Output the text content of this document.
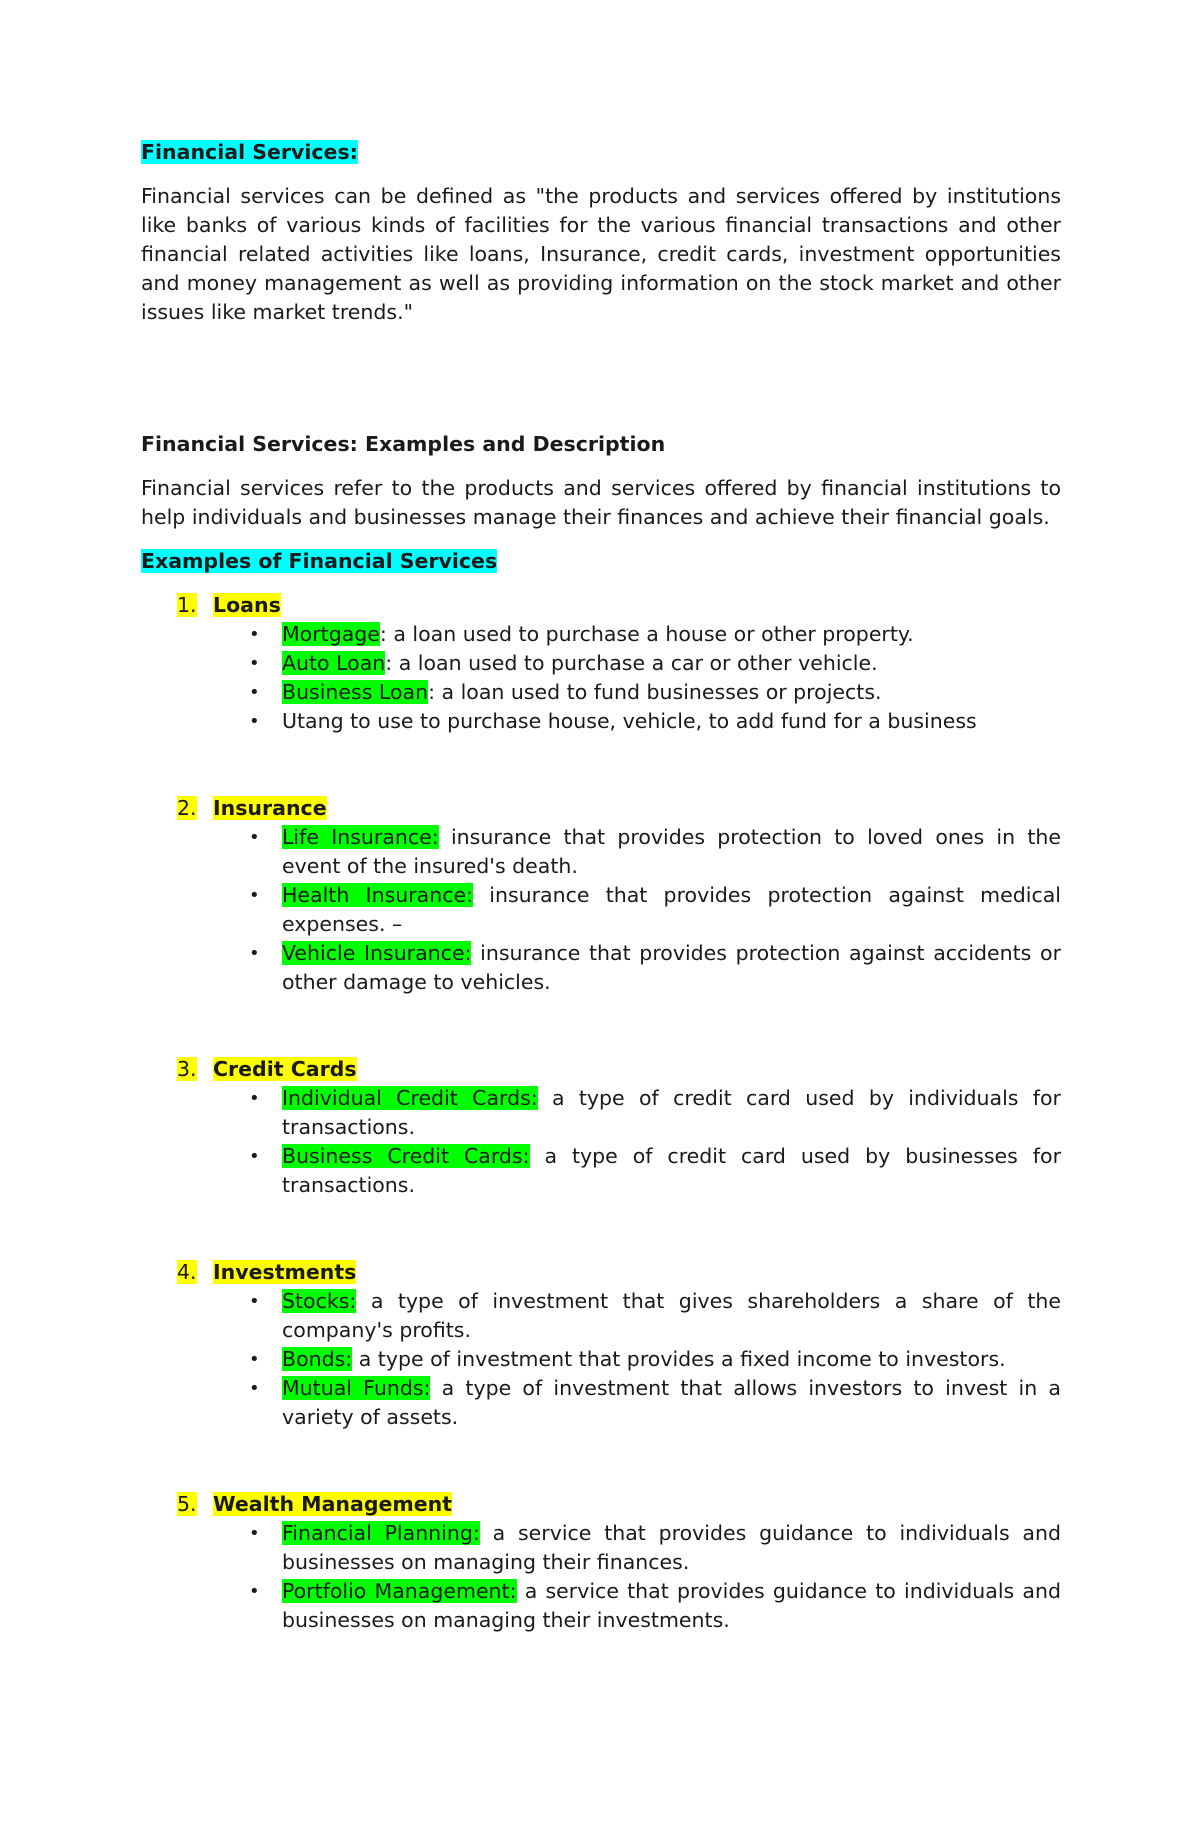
Financial Services:

Financial services can be defined as "the products and services offered by institutions like banks of various kinds of facilities for the various financial transactions and other financial related activities like loans, Insurance, credit cards, investment opportunities and money management as well as providing information on the stock market and other issues like market trends."

Financial Services: Examples and Description

Financial services refer to the products and services offered by financial institutions to help individuals and businesses manage their finances and achieve their financial goals.

Examples of Financial Services

1. Loans

• Mortgage: a loan used to purchase a house or other property.
• Auto Loan: a loan used to purchase a car or other vehicle.
• Business Loan: a loan used to fund businesses or projects.
• Utang to use to purchase house, vehicle, to add fund for a business

2. Insurance

• Life Insurance: insurance that provides protection to loved ones in the event of the insured's death.
• Health Insurance: insurance that provides protection against medical expenses. –
• Vehicle Insurance: insurance that provides protection against accidents or other damage to vehicles.

3. Credit Cards

• Individual Credit Cards: a type of credit card used by individuals for transactions.
• Business Credit Cards: a type of credit card used by businesses for transactions.

4. Investments

• Stocks: a type of investment that gives shareholders a share of the company's profits.
• Bonds: a type of investment that provides a fixed income to investors.
• Mutual Funds: a type of investment that allows investors to invest in a variety of assets.

5. Wealth Management

• Financial Planning: a service that provides guidance to individuals and businesses on managing their finances.
• Portfolio Management: a service that provides guidance to individuals and businesses on managing their investments.
